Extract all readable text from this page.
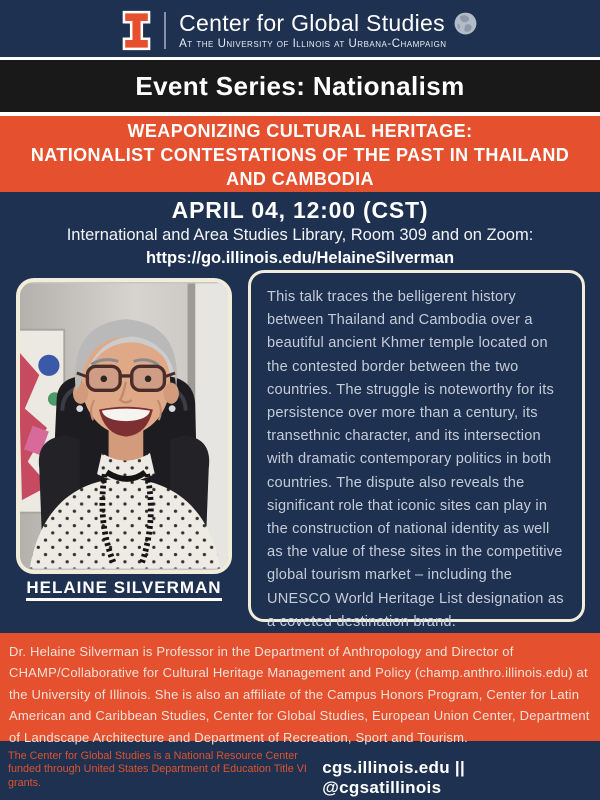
Center for Global Studies
At the University of Illinois at Urbana-Champaign
Event Series: Nationalism
WEAPONIZING CULTURAL HERITAGE:
NATIONALIST CONTESTATIONS OF THE PAST IN THAILAND
AND CAMBODIA
APRIL 04, 12:00 (CST)
International and Area Studies Library, Room 309 and on Zoom:
https://go.illinois.edu/HelaineSilverman
HELAINE SILVERMAN
This talk traces the belligerent history between Thailand and Cambodia over a beautiful ancient Khmer temple located on the contested border between the two countries. The struggle is noteworthy for its persistence over more than a century, its transethnic character, and its intersection with dramatic contemporary politics in both countries. The dispute also reveals the significant role that iconic sites can play in the construction of national identity as well as the value of these sites in the competitive global tourism market – including the UNESCO World Heritage List designation as a coveted destination brand.
Dr. Helaine Silverman is Professor in the Department of Anthropology and Director of CHAMP/Collaborative for Cultural Heritage Management and Policy (champ.anthro.illinois.edu) at the University of Illinois. She is also an affiliate of the Campus Honors Program, Center for Latin American and Caribbean Studies, Center for Global Studies, European Union Center, Department of Landscape Architecture and Department of Recreation, Sport and Tourism.
The Center for Global Studies is a National Resource Center funded through United States Department of Education Title VI grants.
cgs.illinois.edu || @cgsatillinois
